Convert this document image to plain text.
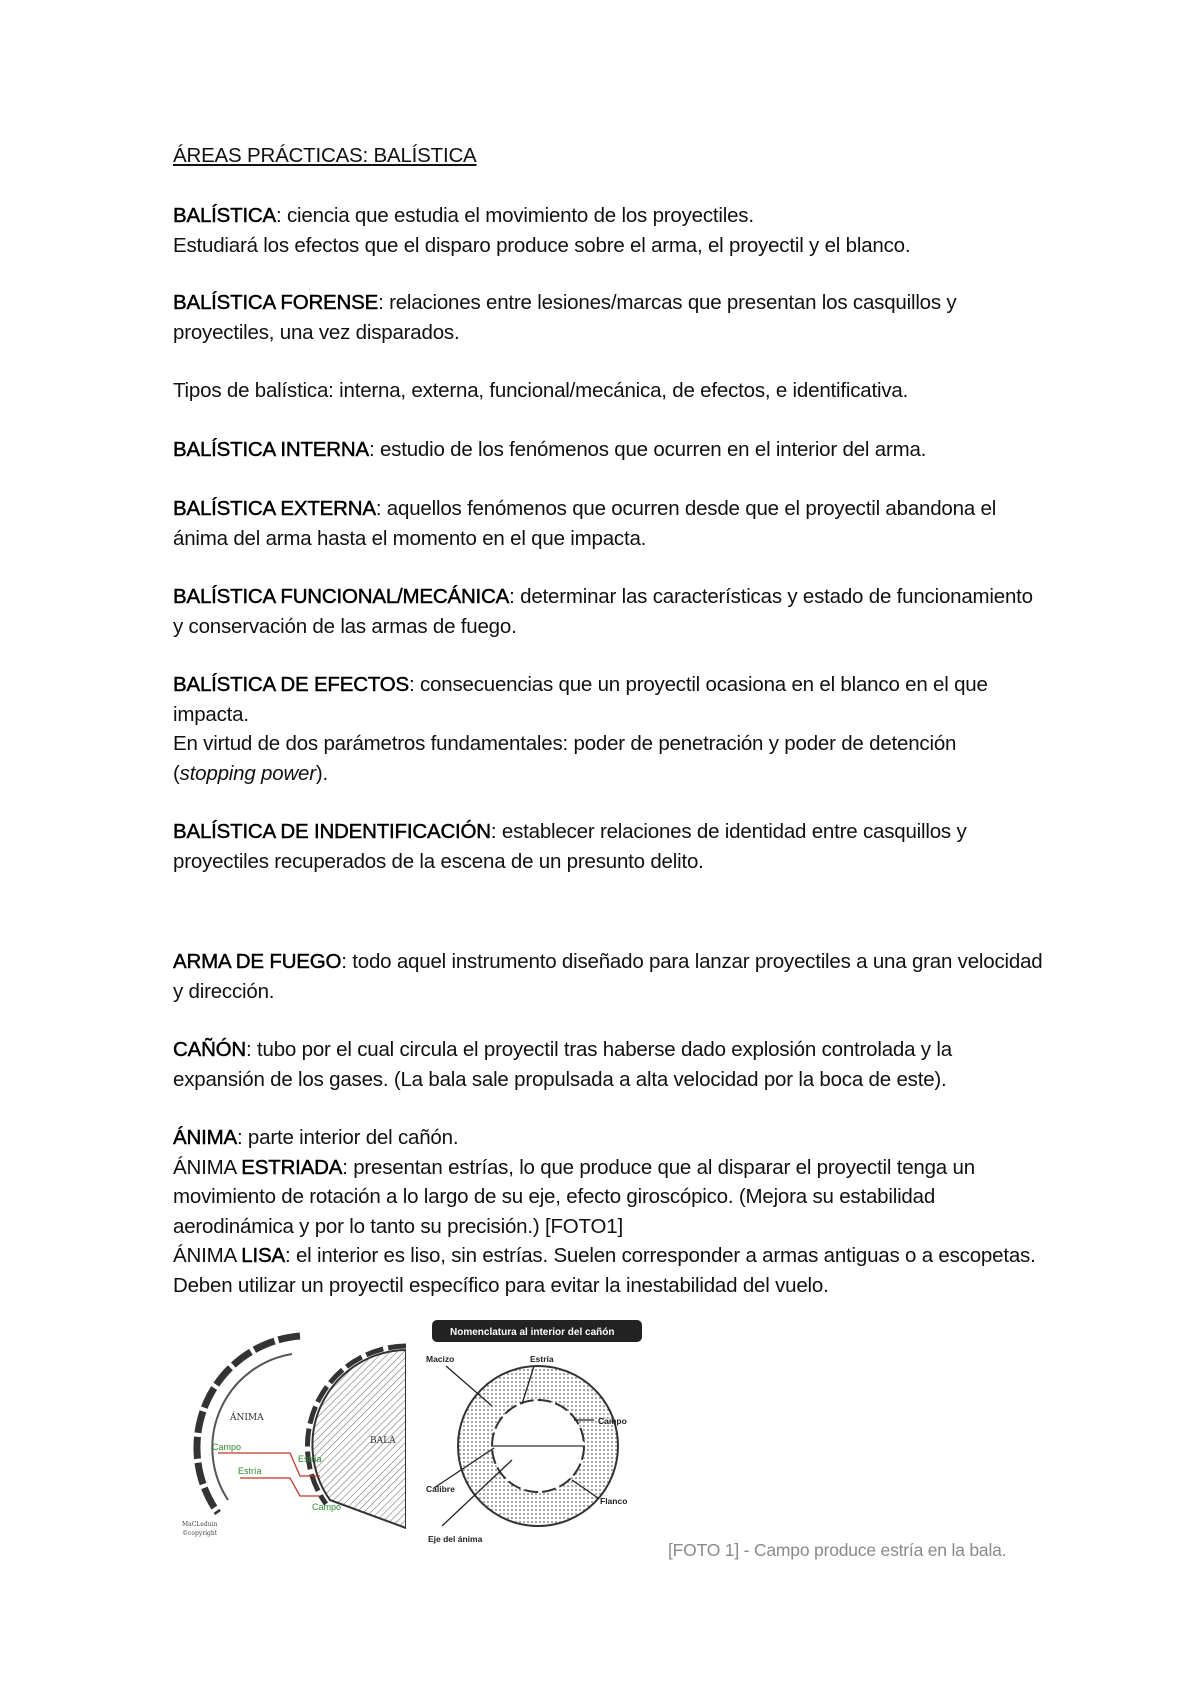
ÁREAS PRÁCTICAS: BALÍSTICA

BALÍSTICA: ciencia que estudia el movimiento de los proyectiles.

Estudiará los efectos que el disparo produce sobre el arma, el proyectil y el blanco.

BALÍSTICA FORENSE: relaciones entre lesiones/marcas que presentan los casquillos y proyectiles, una vez disparados.

Tipos de balística: interna, externa, funcional/mecánica, de efectos, e identificativa.

BALÍSTICA INTERNA: estudio de los fenómenos que ocurren en el interior del arma.

BALÍSTICA EXTERNA: aquellos fenómenos que ocurren desde que el proyectil abandona el ánima del arma hasta el momento en el que impacta.

BALÍSTICA FUNCIONAL/MECÁNICA: determinar las características y estado de funcionamiento y conservación de las armas de fuego.

BALÍSTICA DE EFECTOS: consecuencias que un proyectil ocasiona en el blanco en el que impacta.

En virtud de dos parámetros fundamentales: poder de penetración y poder de detención (stopping power).

BALÍSTICA DE INDENTIFICACIÓN: establecer relaciones de identidad entre casquillos y proyectiles recuperados de la escena de un presunto delito.

ARMA DE FUEGO: todo aquel instrumento diseñado para lanzar proyectiles a una gran velocidad y dirección.

CAÑÓN: tubo por el cual circula el proyectil tras haberse dado explosión controlada y la expansión de los gases. (La bala sale propulsada a alta velocidad por la boca de este).

ÁNIMA: parte interior del cañón.

ÁNIMA ESTRIADA: presentan estrías, lo que produce que al disparar el proyectil tenga un movimiento de rotación a lo largo de su eje, efecto giroscópico. (Mejora su estabilidad aerodinámica y por lo tanto su precisión.) [FOTO1]

ÁNIMA LISA: el interior es liso, sin estrías. Suelen corresponder a armas antiguas o a escopetas. Deben utilizar un proyectil específico para evitar la inestabilidad del vuelo.

ÁNIMA
BALA
Campo
Estría
Estría
Campo
MaCLeduin
©copyright
Nomenclatura al interior del cañón
Macizo	Estría
Campo
Calibre
Flanco
Eje del ánima
[FOTO 1] - Campo produce estría en la bala.
